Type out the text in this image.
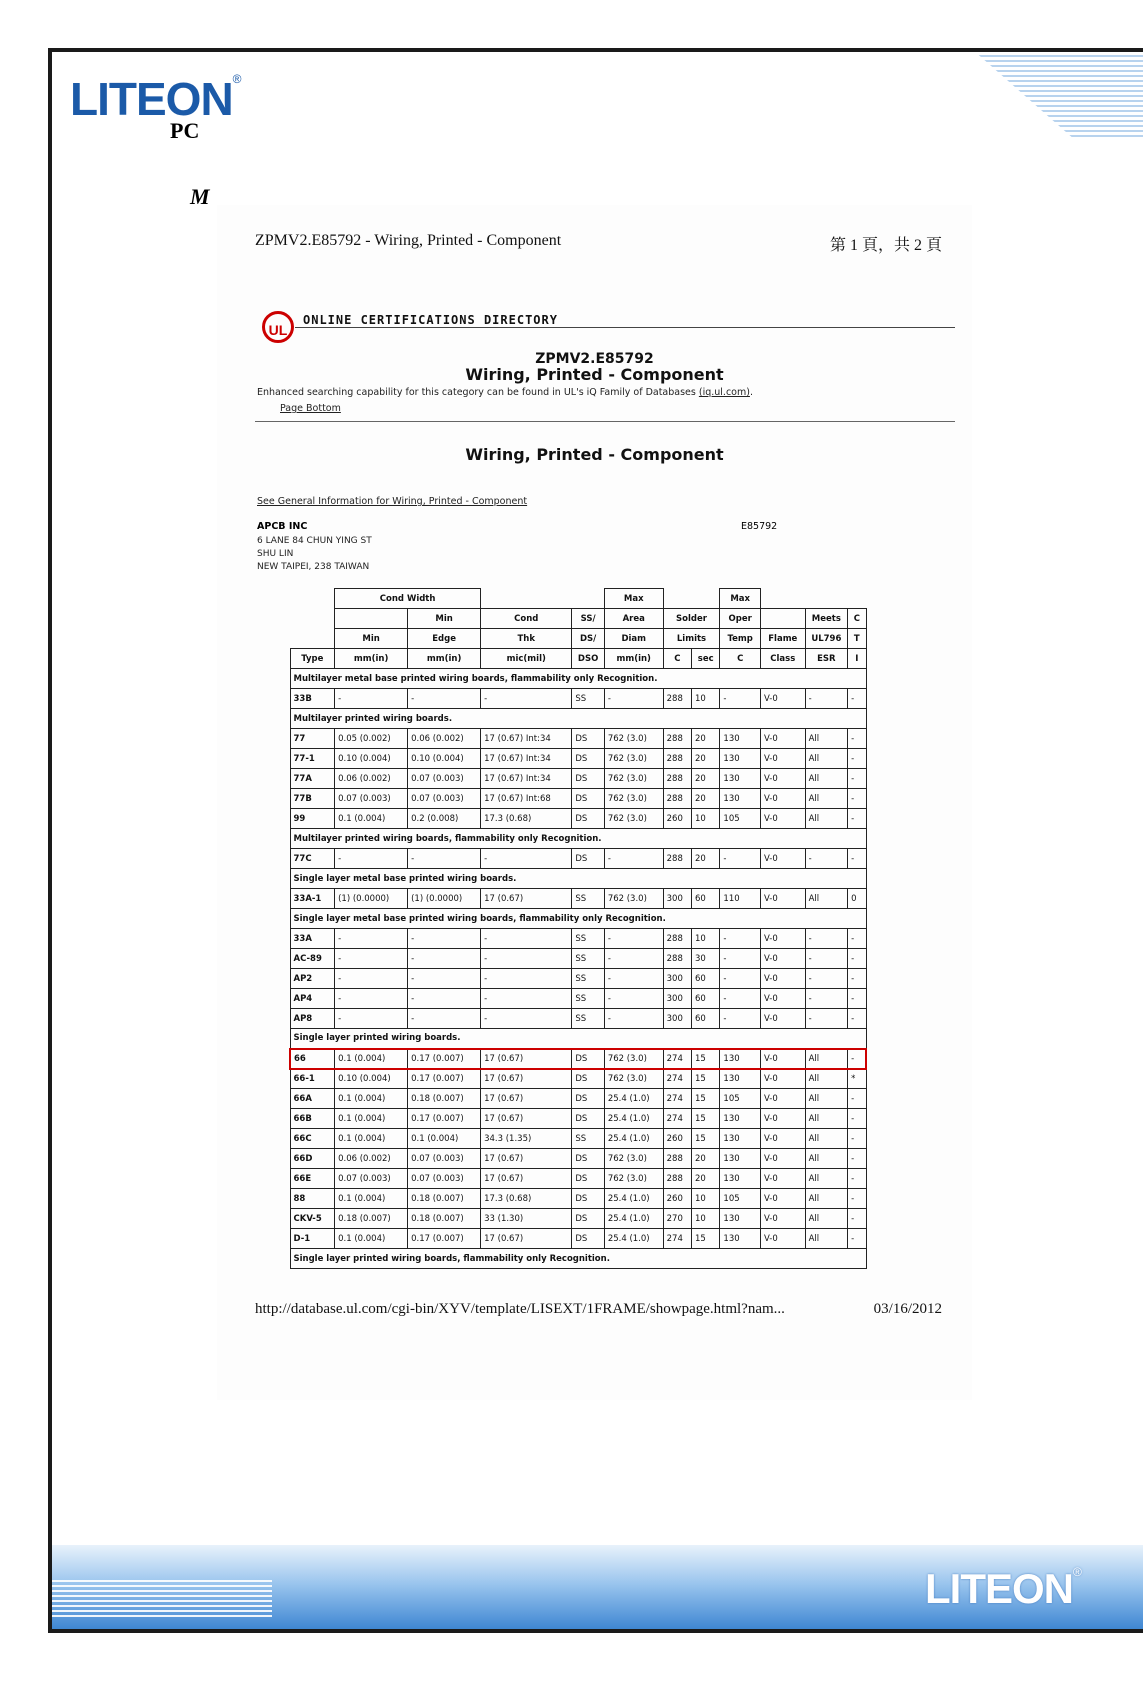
LITEON®
PC
M
ZPMV2.E85792 - Wiring, Printed - Component	第 1 頁，共 2 頁
UL
ONLINE CERTIFICATIONS DIRECTORY
ZPMV2.E85792
Wiring, Printed - Component
Enhanced searching capability for this category can be found in UL's iQ Family of Databases (iq.ul.com).
Page Bottom
Wiring, Printed - Component
See General Information for Wiring, Printed - Component
APCB INC	E85792
6 LANE 84 CHUN YING ST
SHU LIN
NEW TAIPEI, 238 TAIWAN
	Cond Width				Max			Max			
		Min	Cond	SS/	Area	Solder		Oper		Meets	C
	Min	Edge	Thk	DS/	Diam	Limits		Temp	Flame	UL796	T
Type	mm(in)	mm(in)	mic(mil)	DSO	mm(in)	C	sec	C	Class	ESR	I
Multilayer metal base printed wiring boards, flammability only Recognition.											
33B	-	-	-	SS	-	288	10	-	V-0	-	-
Multilayer printed wiring boards.											
77	0.05 (0.002)	0.06 (0.002)	17 (0.67) Int:34	DS	762 (3.0)	288	20	130	V-0	All	-
77-1	0.10 (0.004)	0.10 (0.004)	17 (0.67) Int:34	DS	762 (3.0)	288	20	130	V-0	All	-
77A	0.06 (0.002)	0.07 (0.003)	17 (0.67) Int:34	DS	762 (3.0)	288	20	130	V-0	All	-
77B	0.07 (0.003)	0.07 (0.003)	17 (0.67) Int:68	DS	762 (3.0)	288	20	130	V-0	All	-
99	0.1 (0.004)	0.2 (0.008)	17.3 (0.68)	DS	762 (3.0)	260	10	105	V-0	All	-
Multilayer printed wiring boards, flammability only Recognition.											
77C	-	-	-	DS	-	288	20	-	V-0	-	-
Single layer metal base printed wiring boards.											
33A-1	(1) (0.0000)	(1) (0.0000)	17 (0.67)	SS	762 (3.0)	300	60	110	V-0	All	0
Single layer metal base printed wiring boards, flammability only Recognition.											
33A	-	-	-	SS	-	288	10	-	V-0	-	-
AC-89	-	-	-	SS	-	288	30	-	V-0	-	-
AP2	-	-	-	SS	-	300	60	-	V-0	-	-
AP4	-	-	-	SS	-	300	60	-	V-0	-	-
AP8	-	-	-	SS	-	300	60	-	V-0	-	-
Single layer printed wiring boards.											
66	0.1 (0.004)	0.17 (0.007)	17 (0.67)	DS	762 (3.0)	274	15	130	V-0	All	-
66-1	0.10 (0.004)	0.17 (0.007)	17 (0.67)	DS	762 (3.0)	274	15	130	V-0	All	*
66A	0.1 (0.004)	0.18 (0.007)	17 (0.67)	DS	25.4 (1.0)	274	15	105	V-0	All	-
66B	0.1 (0.004)	0.17 (0.007)	17 (0.67)	DS	25.4 (1.0)	274	15	130	V-0	All	-
66C	0.1 (0.004)	0.1 (0.004)	34.3 (1.35)	SS	25.4 (1.0)	260	15	130	V-0	All	-
66D	0.06 (0.002)	0.07 (0.003)	17 (0.67)	DS	762 (3.0)	288	20	130	V-0	All	-
66E	0.07 (0.003)	0.07 (0.003)	17 (0.67)	DS	762 (3.0)	288	20	130	V-0	All	-
88	0.1 (0.004)	0.18 (0.007)	17.3 (0.68)	DS	25.4 (1.0)	260	10	105	V-0	All	-
CKV-5	0.18 (0.007)	0.18 (0.007)	33 (1.30)	DS	25.4 (1.0)	270	10	130	V-0	All	-
D-1	0.1 (0.004)	0.17 (0.007)	17 (0.67)	DS	25.4 (1.0)	274	15	130	V-0	All	-
Single layer printed wiring boards, flammability only Recognition.											
http://database.ul.com/cgi-bin/XYV/template/LISEXT/1FRAME/showpage.html?nam...	03/16/2012
LITEON®
